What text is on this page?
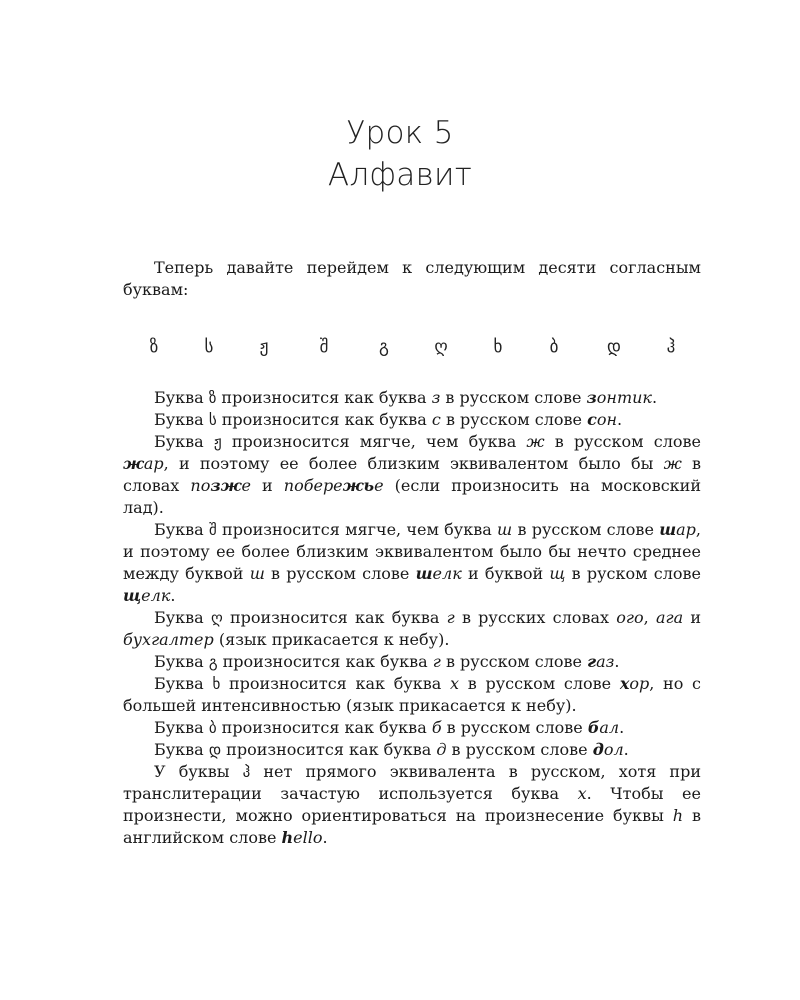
Урок 5
Алфавит

Теперь давайте перейдем к следующим десяти согласным буквам:

ზ	ს	ჟ	შ	გ	ღ	ხ	ბ	დ	ჰ

Буква ზ произносится как буква з в русском слове зонтик.

Буква ს произносится как буква с в русском слове сон.

Буква ჟ произносится мягче, чем буква ж в русском слове жар, и поэтому ее более близким эквивалентом было бы ж в словах позже и побережье (если произносить на московский лад).

Буква შ произносится мягче, чем буква ш в русском слове шар, и поэтому ее более близким эквивалентом было бы нечто среднее между буквой ш в русском слове шелк и буквой щ в руском слове щелк.

Буква ღ произносится как буква г в русских словах ого, ага и бухгалтер (язык прикасается к небу).

Буква გ произносится как буква г в русском слове газ.

Буква ხ произносится как буква х в русском слове хор, но с большей интенсивностью (язык прикасается к небу).

Буква ბ произносится как буква б в русском слове бал.

Буква დ произносится как буква д в русском слове дол.

У буквы ჰ нет прямого эквивалента в русском, хотя при транслитерации зачастую используется буква х. Чтобы ее произнести, можно ориентироваться на произнесение буквы h в английском слове hello.
